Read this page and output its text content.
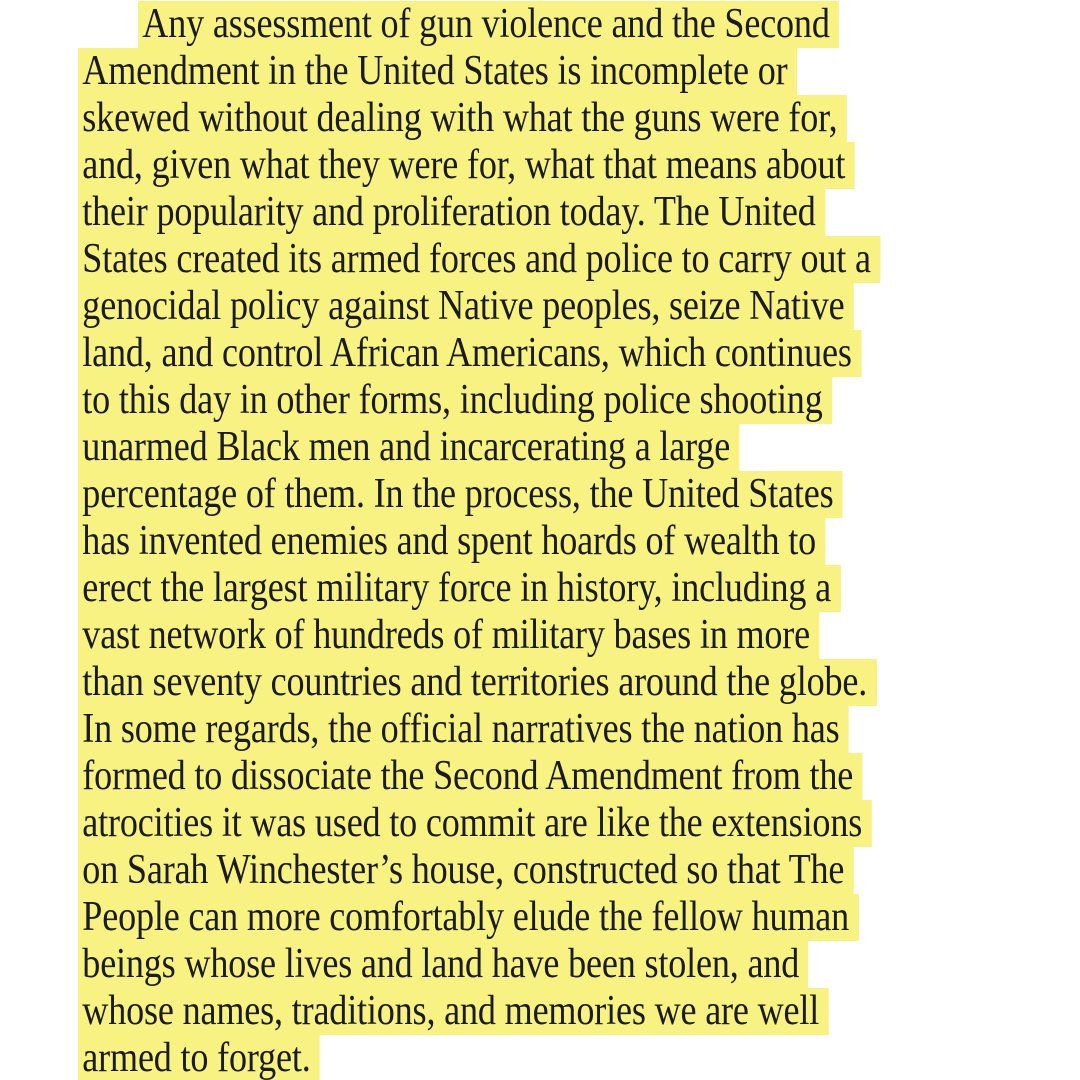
Any assessment of gun violence and the Second
Amendment in the United States is incomplete or
skewed without dealing with what the guns were for,
and, given what they were for, what that means about
their popularity and proliferation today. The United
States created its armed forces and police to carry out a
genocidal policy against Native peoples, seize Native
land, and control African Americans, which continues
to this day in other forms, including police shooting
unarmed Black men and incarcerating a large
percentage of them. In the process, the United States
has invented enemies and spent hoards of wealth to
erect the largest military force in history, including a
vast network of hundreds of military bases in more
than seventy countries and territories around the globe.
In some regards, the official narratives the nation has
formed to dissociate the Second Amendment from the
atrocities it was used to commit are like the extensions
on Sarah Winchester’s house, constructed so that The
People can more comfortably elude the fellow human
beings whose lives and land have been stolen, and
whose names, traditions, and memories we are well
armed to forget.
